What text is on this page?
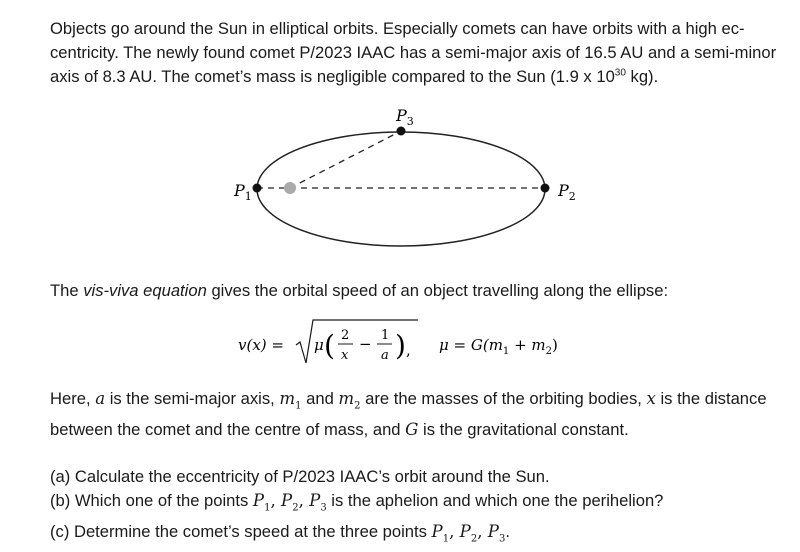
Objects go around the Sun in elliptical orbits. Especially comets can have orbits with a high ec-
centricity. The newly found comet P/2023 IAAC has a semi-major axis of 16.5 AU and a semi-minor
axis of 8.3 AU. The comet’s mass is negligible compared to the Sun (1.9 x $10^{30}$ kg).
$P_1$	$P_2$
$P_3$
The vis-viva equation gives the orbital speed of an object travelling along the ellipse:
v(x) = μ ( 2
x
− 1
a ) , $\mu = G(m_1 + m_2)$
Here, a is the semi-major axis, $m_1$ and $m_2$ are the masses of the orbiting bodies, x is the distance
between the comet and the centre of mass, and G is the gravitational constant.
(a) Calculate the eccentricity of P/2023 IAAC’s orbit around the Sun.
(b) Which one of the points $P_1$, $P_2$, $P_3$ is the aphelion and which one the perihelion?
(c) Determine the comet’s speed at the three points $P_1$, $P_2$, $P_3$.
